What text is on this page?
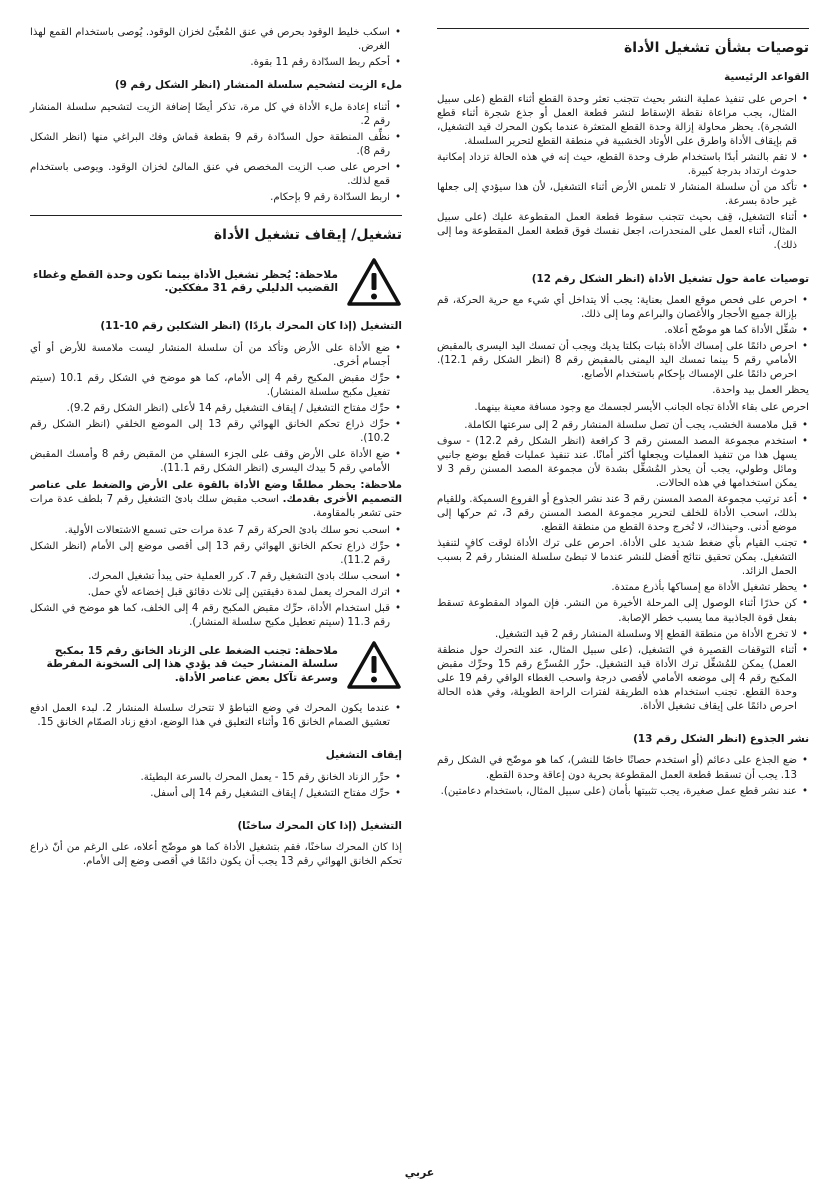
توصيات بشأن تشغيل الأداة
القواعد الرئيسية
• احرص على تنفيذ عملية النشر بحيث تتجنب تعثر وحدة القطع أثناء القطع (على سبيل المثال، يجب مراعاة نقطة الإسقاط لنشر قطعة العمل أو جذع شجرة أثناء قطع الشجرة). يحظر محاولة إزالة وحدة القطع المتعثرة عندما يكون المحرك قيد التشغيل، قم بإيقاف الأداة واطرق على الأوتاد الخشبية في منطقة القطع لتحرير السلسلة.
• لا تقم بالنشر أبدًا باستخدام طرف وحدة القطع، حيث إنه في هذه الحالة تزداد إمكانية حدوث ارتداد بدرجة كبيرة.
• تأكد من أن سلسلة المنشار لا تلمس الأرض أثناء التشغيل، لأن هذا سيؤدي إلى جعلها غير حادة بسرعة.
• أثناء التشغيل، قِف بحيث تتجنب سقوط قطعة العمل المقطوعة عليك (على سبيل المثال، أثناء العمل على المنحدرات، اجعل نفسك فوق قطعة العمل المقطوعة وما إلى ذلك).
توصيات عامة حول تشغيل الأداة (انظر الشكل رقم 12)
• احرص على فحص موقع العمل بعناية: يجب ألا يتداخل أي شيء مع حرية الحركة، قم بإزالة جميع الأحجار والأغصان والبراعم وما إلى ذلك.
• شغِّل الأداة كما هو موضّح أعلاه.
• احرص دائمًا على إمساك الأداة بثبات بكلتا يديك ويجب أن تمسك اليد اليسرى بالمقبض الأمامي رقم 5 بينما تمسك اليد اليمنى بالمقبض رقم 8 (انظر الشكل رقم 12.1). احرص دائمًا على الإمساك بإحكام باستخدام الأصابع.

يحظر العمل بيد واحدة.

احرص على بقاء الأداة تجاه الجانب الأيسر لجسمك مع وجود مسافة معينة بينهما.

• قبل ملامسة الخشب، يجب أن تصل سلسلة المنشار رقم 2 إلى سرعتها الكاملة.
• استخدم مجموعة المصد المسنن رقم 3 كرافعة (انظر الشكل رقم 12.2) - سوف يسهل هذا من تنفيذ العمليات ويجعلها أكثر أمانًا. عند تنفيذ عمليات قطع بوضع جانبي ومائل وطولي، يجب أن يحذر المُشغِّل بشدة لأن مجموعة المصد المسنن رقم 3 لا يمكن استخدامها في هذه الحالات.
• أعد ترتيب مجموعة المصد المسنن رقم 3 عند نشر الجذوع أو الفروع السميكة. وللقيام بذلك، اسحب الأداة للخلف لتحرير مجموعة المصد المسنن رقم 3، ثم حركها إلى موضع أدنى. وحينذاك، لا تُخرج وحدة القطع من منطقة القطع.
• تجنب القيام بأي ضغط شديد على الأداة. احرص على ترك الأداة لوقت كافٍ لتنفيذ التشغيل. يمكن تحقيق نتائج أفضل للنشر عندما لا تبطئ سلسلة المنشار رقم 2 بسبب الحمل الزائد.
• يحظر تشغيل الأداة مع إمساكها بأذرع ممتدة.
• كن حذرًا أثناء الوصول إلى المرحلة الأخيرة من النشر. فإن المواد المقطوعة تسقط بفعل قوة الجاذبية مما يسبب خطر الإصابة.
• لا تخرج الأداة من منطقة القطع إلا وسلسلة المنشار رقم 2 قيد التشغيل.
• أثناء التوقفات القصيرة في التشغيل، (على سبيل المثال، عند التحرك حول منطقة العمل) يمكن للمُشغِّل ترك الأداة قيد التشغيل. حرِّر المُسرِّع رقم 15 وحرِّك مقبض المكبح رقم 4 إلى موضعه الأمامي لأقصى درجة واسحب الغطاء الواقي رقم 19 على وحدة القطع. تجنب استخدام هذه الطريقة لفترات الراحة الطويلة، وفي هذه الحالة احرص دائمًا على إيقاف تشغيل الأداة.
نشر الجذوع (انظر الشكل رقم 13)
• ضع الجذع على دعائم (أو استخدم حصانًا خاصًا للنشر)، كما هو موضّح في الشكل رقم 13. يجب أن تسقط قطعة العمل المقطوعة بحرية دون إعاقة وحدة القطع.
• عند نشر قطع عمل صغيرة، يجب تثبيتها بأمان (على سبيل المثال، باستخدام دعامتين).
• اسكب خليط الوقود بحرص في عنق المُعبِّئ لخزان الوقود. يُوصى باستخدام القمع لهذا الغرض.
• أحكم ربط السدّادة رقم 11 بقوة.
ملء الزيت لتشحيم سلسلة المنشار (انظر الشكل رقم 9)
• أثناء إعادة ملء الأداة في كل مرة، تذكر أيضًا إضافة الزيت لتشحيم سلسلة المنشار رقم 2.
• نظِّف المنطقة حول السدّادة رقم 9 بقطعة قماش وفك البراغي منها (انظر الشكل رقم 8).
• احرص على صب الزيت المخصص في عنق المالئ لخزان الوقود. ويوصى باستخدام قمع لذلك.
• اربط السدّادة رقم 9 بإحكام.
تشغيل/ إيقاف تشغيل الأداة
ملاحظة: يُحظر تشغيل الأداة بينما تكون وحدة القطع وغطاء القضيب الدليلي رقم 31 مفككين.
التشغيل (إذا كان المحرك باردًا) (انظر الشكلين رقم 10-11)
• ضع الأداة على الأرض وتأكد من أن سلسلة المنشار ليست ملامسة للأرض أو أي أجسام أخرى.
• حرِّك مقبض المكبح رقم 4 إلى الأمام، كما هو موضح في الشكل رقم 10.1 (سيتم تفعيل مكبح سلسلة المنشار).
• حرِّك مفتاح التشغيل / إيقاف التشغيل رقم 14 لأعلى (انظر الشكل رقم 9.2).
• حرِّك ذراع تحكم الخانق الهوائي رقم 13 إلى الموضع الخلفي (انظر الشكل رقم 10.2).
• ضع الأداة على الأرض وقف على الجزء السفلي من المقبض رقم 8 وأمسك المقبض الأمامي رقم 5 بيدك اليسرى (انظر الشكل رقم 11.1).

ملاحظة: يحظر مطلقًا وضع الأداة بالقوة على الأرض والضغط على عناصر التصميم الأخرى بقدمك. اسحب مقبض سلك بادئ التشغيل رقم 7 بلطف عدة مرات حتى تشعر بالمقاومة.

• اسحب نحو سلك بادئ الحركة رقم 7 عدة مرات حتى تسمع الاشتعالات الأولية.
• حرِّك ذراع تحكم الخانق الهوائي رقم 13 إلى أقصى موضع إلى الأمام (انظر الشكل رقم 11.2).
• اسحب سلك بادئ التشغيل رقم 7. كرر العملية حتى يبدأ تشغيل المحرك.
• اترك المحرك يعمل لمدة دقيقتين إلى ثلاث دقائق قبل إخضاعه لأي حمل.
• قبل استخدام الأداة، حرِّك مقبض المكبح رقم 4 إلى الخلف، كما هو موضح في الشكل رقم 11.3 (سيتم تعطيل مكبح سلسلة المنشار).
ملاحظة: تجنب الضغط على الزناد الخانق رقم 15 بمكبح سلسلة المنشار حيث قد يؤدي هذا إلى السخونة المفرطة وسرعة تآكل بعض عناصر الأداة.
• عندما يكون المحرك في وضع التباطؤ لا تتحرك سلسلة المنشار 2. لبدء العمل ادفع تعشيق الصمام الخانق 16 وأثناء التعليق في هذا الوضع، ادفع زناد الصمّام الخانق 15.
إيقاف التشغيل
• حرِّر الزناد الخانق رقم 15 - يعمل المحرك بالسرعة البطيئة.
• حرِّك مفتاح التشغيل / إيقاف التشغيل رقم 14 إلى أسفل.
التشغيل (إذا كان المحرك ساخنًا)

إذا كان المحرك ساخنًا، فقم بتشغيل الأداة كما هو موضّح أعلاه، على الرغم من أنّ ذراع تحكم الخانق الهوائي رقم 13 يجب أن يكون دائمًا في أقصى وضع إلى الأمام.

عربي
